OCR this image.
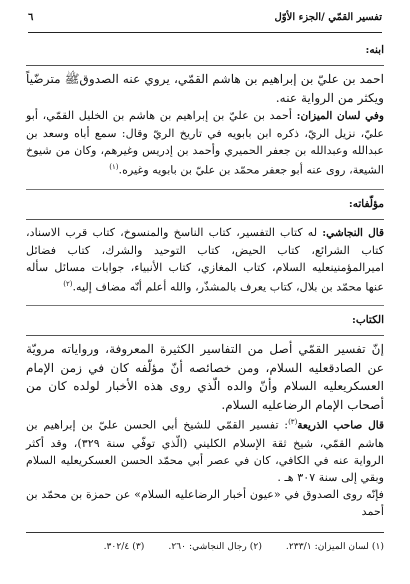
تفسير القمّي /الجزء الأوّل
٦

ابنه:

احمد بن عليّ بن إبراهيم بن هاشم القمّي، يروي عنه الصدوقﷺ مترضّياً ويكثر من الرواية عنه.

وفي لسان الميزان: أحمد بن عليّ بن إبراهيم بن هاشم بن الخليل القمّي، أبو عليّ، نزيل الريّ، ذكره ابن بابويه في تاريخ الريّ وقال: سمع أباه وسعد بن عبدالله وعبدالله بن جعفر الحميري وأحمد بن إدريس وغيرهم، وكان من شيوخ الشيعة، روى عنه أبو جعفر محمّد بن عليّ بن بابويه وغيره.$^{(١)}$

مؤلّفاته:

قال النجاشي: له كتاب التفسير، كتاب الناسخ والمنسوخ، كتاب قرب الاسناد، كتاب الشرائع، كتاب الحيض، كتاب التوحيد والشرك، كتاب فضائل اميرالمؤمنينعليه السلام، كتاب المغازي، كتاب الأنبياء، جوابات مسائل سأله عنها محمّد بن بلال، كتاب يعرف بالمشذّر، والله أعلم أنّه مضاف إليه.$^{(٢)}$

الكتاب:

إنّ تفسير القمّي أصل من التفاسير الكثيرة المعروفة، ورواياته مرويّة عن الصادقعليه السلام، ومن خصائصه أنّ مؤلّفه كان في زمن الإمام العسكريعليه السلام وأنّ والده الّذي روى هذه الأخبار لولده كان من أصحاب الإمام الرضاعليه السلام.

قال صاحب الذريعة$^{(٣)}$: تفسير القمّي للشيخ أبي الحسن عليّ بن إبراهيم بن هاشم القمّي، شيخ ثقة الإسلام الكليني (الّذي توفّي سنة ٣٢٩)، وقد أكثر الرواية عنه في الكافي، كان في عصر أبي محمّد الحسن العسكريعليه السلام وبقي إلى سنة ٣٠٧ هـ .

فإنّه روى الصدوق في «عيون أخبار الرضاعليه السلام» عن حمزة بن محمّد بن أحمد

(١) لسان الميزان: ٢٣٣/١.
(٢) رجال النجاشي: ٢٦٠.
(٣) ٣٠٢/٤.
